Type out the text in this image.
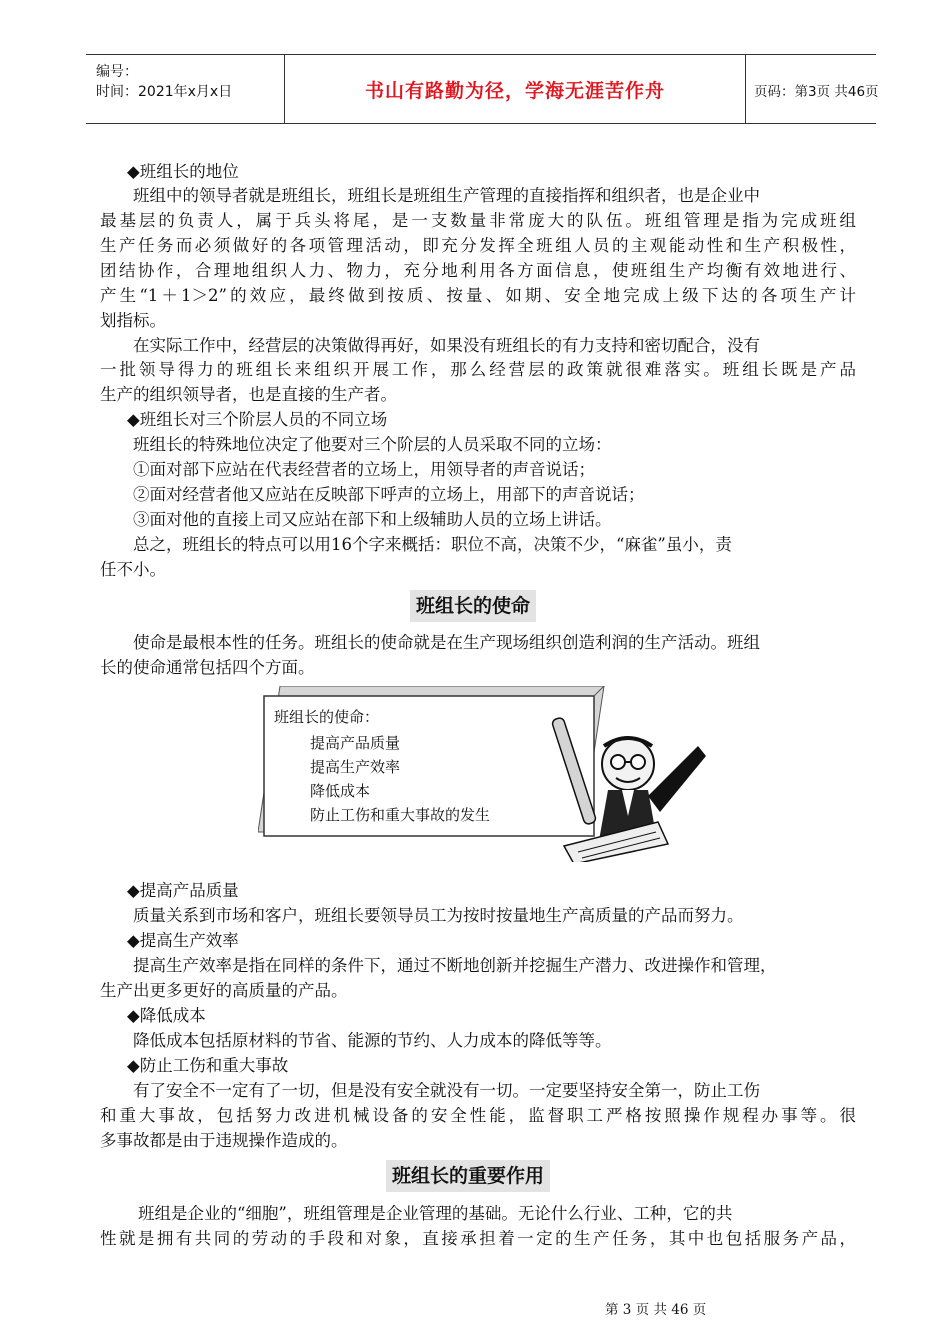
编号：
时间：2021年x月x日	书山有路勤为径，学海无涯苦作舟	页码：第3页 共46页
◆班组长的地位
班组中的领导者就是班组长，班组长是班组生产管理的直接指挥和组织者，也是企业中
最基层的负责人，属于兵头将尾，是一支数量非常庞大的队伍。班组管理是指为完成班组
生产任务而必须做好的各项管理活动，即充分发挥全班组人员的主观能动性和生产积极性，
团结协作，合理地组织人力、物力，充分地利用各方面信息，使班组生产均衡有效地进行、
产生“1＋1＞2”的效应，最终做到按质、按量、如期、安全地完成上级下达的各项生产计
划指标。
在实际工作中，经营层的决策做得再好，如果没有班组长的有力支持和密切配合，没有
一批领导得力的班组长来组织开展工作，那么经营层的政策就很难落实。班组长既是产品
生产的组织领导者，也是直接的生产者。
◆班组长对三个阶层人员的不同立场
班组长的特殊地位决定了他要对三个阶层的人员采取不同的立场：
①面对部下应站在代表经营者的立场上，用领导者的声音说话；
②面对经营者他又应站在反映部下呼声的立场上，用部下的声音说话；
③面对他的直接上司又应站在部下和上级辅助人员的立场上讲话。
总之，班组长的特点可以用16个字来概括：职位不高，决策不少，“麻雀”虽小，责
任不小。
班组长的使命
使命是最根本性的任务。班组长的使命就是在生产现场组织创造利润的生产活动。班组
长的使命通常包括四个方面。
班组长的使命：
提高产品质量
提高生产效率
降低成本
防止工伤和重大事故的发生
◆提高产品质量
质量关系到市场和客户，班组长要领导员工为按时按量地生产高质量的产品而努力。
◆提高生产效率
提高生产效率是指在同样的条件下，通过不断地创新并挖掘生产潜力、改进操作和管理，
生产出更多更好的高质量的产品。
◆降低成本
降低成本包括原材料的节省、能源的节约、人力成本的降低等等。
◆防止工伤和重大事故
有了安全不一定有了一切，但是没有安全就没有一切。一定要坚持安全第一，防止工伤
和重大事故，包括努力改进机械设备的安全性能，监督职工严格按照操作规程办事等。很
多事故都是由于违规操作造成的。
班组长的重要作用
班组是企业的“细胞”，班组管理是企业管理的基础。无论什么行业、工种，它的共
性就是拥有共同的劳动的手段和对象，直接承担着一定的生产任务，其中也包括服务产品，
第 3 页 共 46 页
